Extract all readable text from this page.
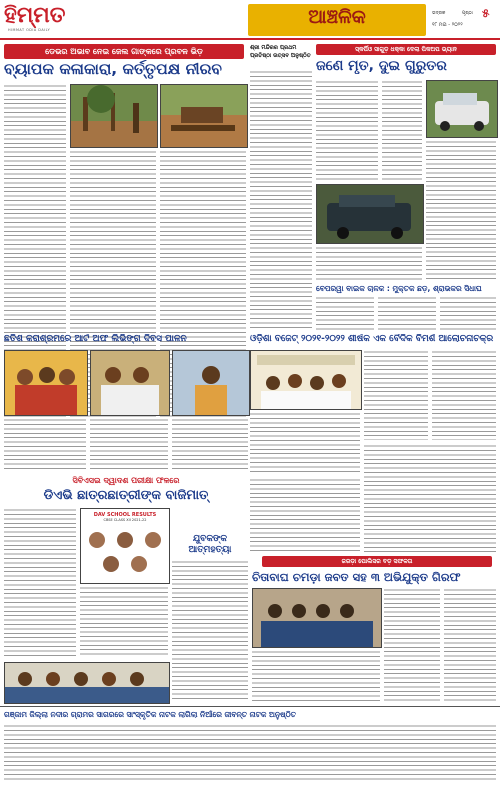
ହିମ୍ମତ
HIMMAT ODIA DAILY
ଆଞ୍ଚଳିକ	ଭଦ୍ରକ	ପୃଷ୍ଠା ୫
୧୮ ମଇ - ୨୦୨୨
ଡେଭର ଅଭାବ ନେଇ ଜେଲ ଗାଙ୍କରେ ପ୍ରବଳ ଭିଡ଼
ବ୍ୟାପକ କଳାକାରା, କର୍ତ୍ତୃପକ୍ଷ ନୀରବ
ଶ୍ରୀ ମନ୍ଦିରର ପ୍ରଥମ ପ୍ରତିଷ୍ଠା ଉତ୍ସବ ଅନୁଷ୍ଠିତ
ସ୍କର୍ପିଓ ସାଗୁଡ଼ ଧକ୍କା ଦେଲା ପିକଅପ ଭ୍ୟାନ
ଜଣେ ମୃତ, ଦୁଇ ଗୁରୁତର
ବେପରୱା ବାଇକ ଚାଳକ : ମୁକ୍ତକ ଛଡ଼, ଶ୍ରାଭକର ସିଧାଘ
ଓଡ଼ିଶା ବଜେଟ୍ ୨୦୨୧-୨୦୨୨ ଶୀର୍ଷକ ଏକ ବୈଦିକ ବିମର୍ଶ ଆଲୋଚନାଚକ୍ର
ଛତିଶ କରାଶ୍ରମରେ ଆର୍ଟ ଅଫ ଲିଭିଙ୍ଗ ଦିବସ ପାଳନ
ସିବିଏସଇ ଦ୍ୱାଦଶ ପରୀକ୍ଷା ଫଳରେ
ଡିଏଭି ଛାତ୍ରଛାତ୍ରୀଙ୍କ ବାଜିମାତ୍
DAV SCHOOL RESULTS
CBSE CLASS XII 2021-22
ଯୁବକଙ୍କ ଆତ୍ମହତ୍ୟା
ଜରଡ଼ା ପୋଲିସର ବଡ଼ ସଫଳତା
ଚିତାବାଘ ଚମଡ଼ା ଜବତ ସହ ୩ ଅଭିଯୁକ୍ତ ଗିରଫ
ଗଞ୍ଜାମ ଜିଲ୍ଲା ନଦୀର ଗ୍ରାମର ସାଗରରେ ସାଂସ୍କୃତିକ ନାଟକ ଲାଗିଲା ନିଆଁରେ ଜୀବନ୍ତ ନାଟକ ଅନୁଷ୍ଠିତ
